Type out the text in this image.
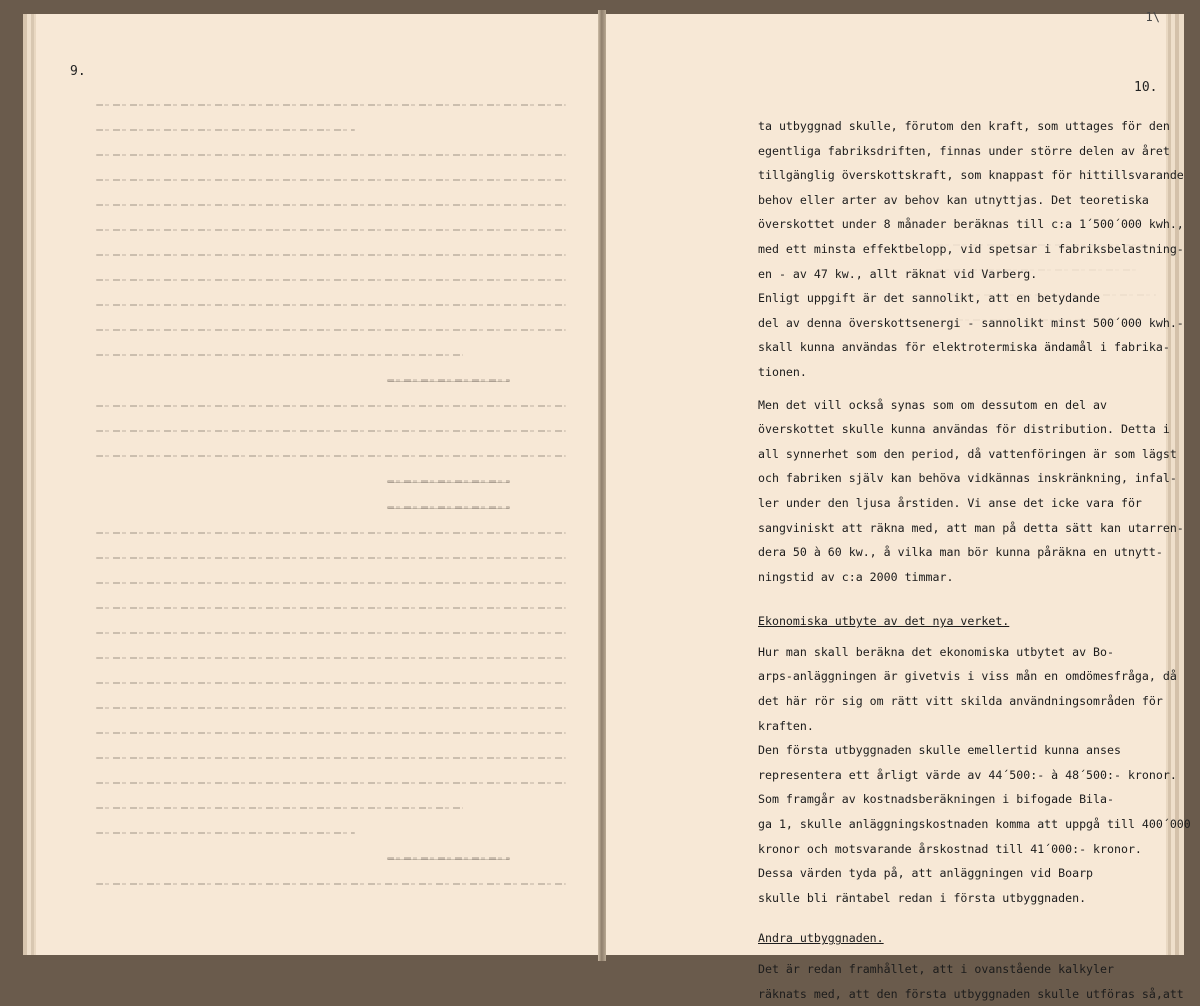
9.
1\
10.
ta utbyggnad skulle, förutom den kraft, som uttages för den
egentliga fabriksdriften, finnas under större delen av året
tillgänglig överskottskraft, som knappast för hittillsvarande
behov eller arter av behov kan utnyttjas. Det teoretiska
överskottet under 8 månader beräknas till c:a 1´500´000 kwh.,
med ett minsta effektbelopp, vid spetsar i fabriksbelastning-
en - av 47 kw., allt räknat vid Varberg.
Enligt uppgift är det sannolikt, att en betydande
del av denna överskottsenergi - sannolikt minst 500´000 kwh.-
skall kunna användas för elektrotermiska ändamål i fabrika-
tionen.
Men det vill också synas som om dessutom en del av
överskottet skulle kunna användas för distribution. Detta i
all synnerhet som den period, då vattenföringen är som lägst
och fabriken själv kan behöva vidkännas inskränkning, infal-
ler under den ljusa årstiden. Vi anse det icke vara för
sangviniskt att räkna med, att man på detta sätt kan utarren-
dera 50 à 60 kw., å vilka man bör kunna påräkna en utnytt-
ningstid av c:a 2000 timmar.
Ekonomiska utbyte av det nya verket.
Hur man skall beräkna det ekonomiska utbytet av Bo-
arps-anläggningen är givetvis i viss mån en omdömesfråga, då
det här rör sig om rätt vitt skilda användningsområden för
kraften.
Den första utbyggnaden skulle emellertid kunna anses
representera ett årligt värde av 44´500:- à 48´500:- kronor.
Som framgår av kostnadsberäkningen i bifogade Bila-
ga 1, skulle anläggningskostnaden komma att uppgå till 400´000
kronor och motsvarande årskostnad till 41´000:- kronor.
Dessa värden tyda på, att anläggningen vid Boarp
skulle bli räntabel redan i första utbyggnaden.
Andra utbyggnaden.
Det är redan framhållet, att i ovanstående kalkyler
räknats med, att den första utbyggnaden skulle utföras så,att
